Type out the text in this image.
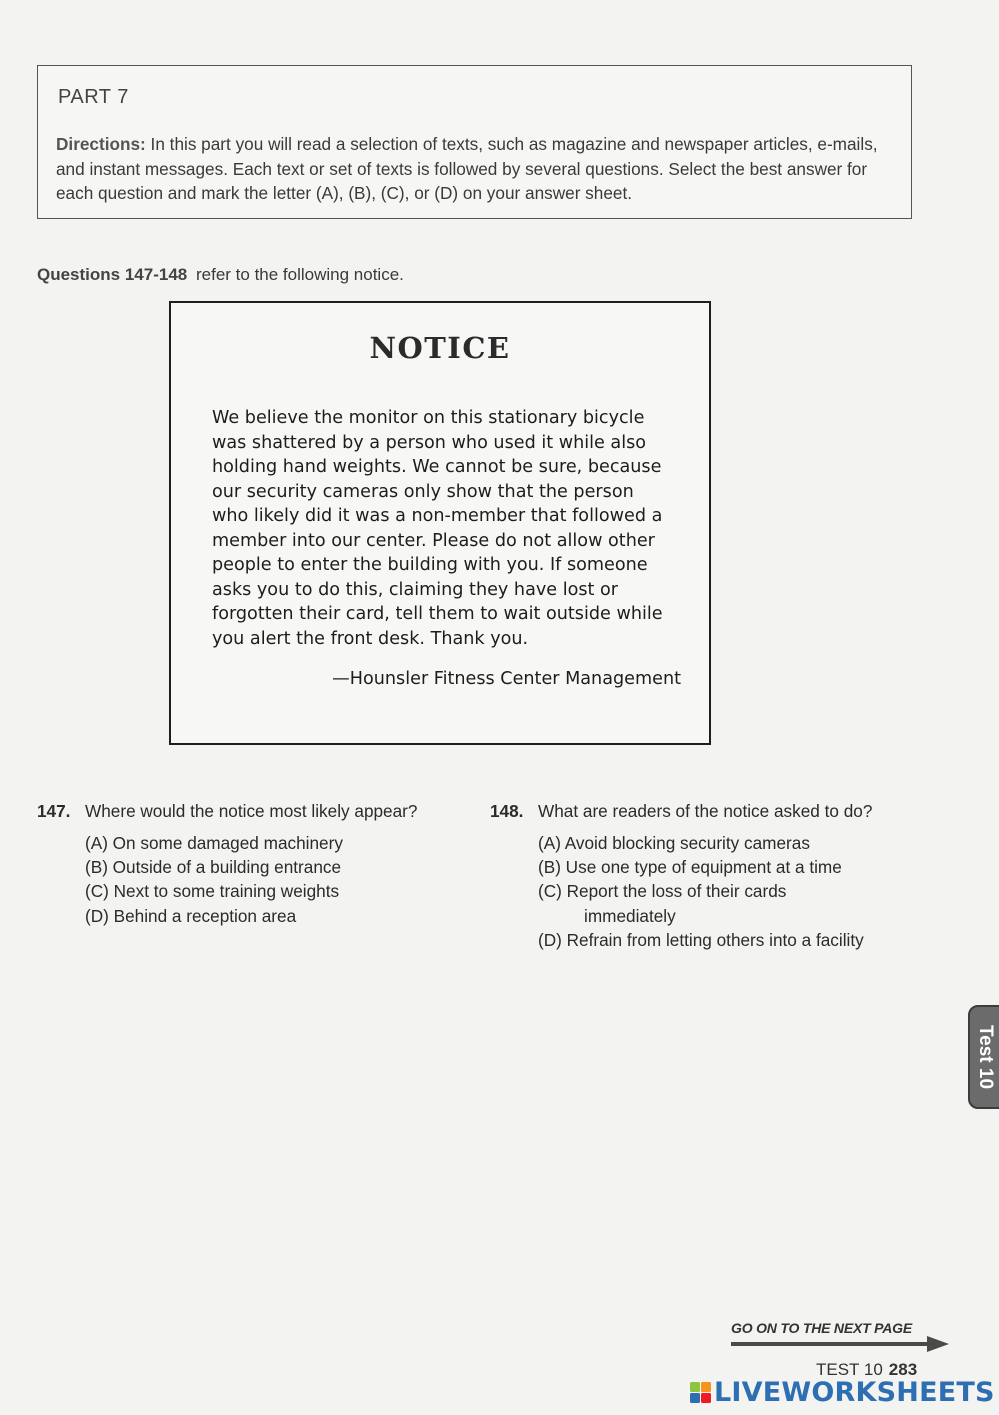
PART 7
Directions: In this part you will read a selection of texts, such as magazine and newspaper articles, e-mails, and instant messages. Each text or set of texts is followed by several questions. Select the best answer for each question and mark the letter (A), (B), (C), or (D) on your answer sheet.
Questions 147-148 refer to the following notice.
NOTICE
We believe the monitor on this stationary bicycle
was shattered by a person who used it while also
holding hand weights. We cannot be sure, because
our security cameras only show that the person
who likely did it was a non-member that followed a
member into our center. Please do not allow other
people to enter the building with you. If someone
asks you to do this, claiming they have lost or
forgotten their card, tell them to wait outside while
you alert the front desk. Thank you.
—Hounsler Fitness Center Management
147. Where would the notice most likely appear?
(A) On some damaged machinery
(B) Outside of a building entrance
(C) Next to some training weights
(D) Behind a reception area
148. What are readers of the notice asked to do?
(A) Avoid blocking security cameras
(B) Use one type of equipment at a time
(C) Report the loss of their cards
immediately
(D) Refrain from letting others into a facility
Test 10
GO ON TO THE NEXT PAGE
TEST 10 283
LIVEWORKSHEETS
